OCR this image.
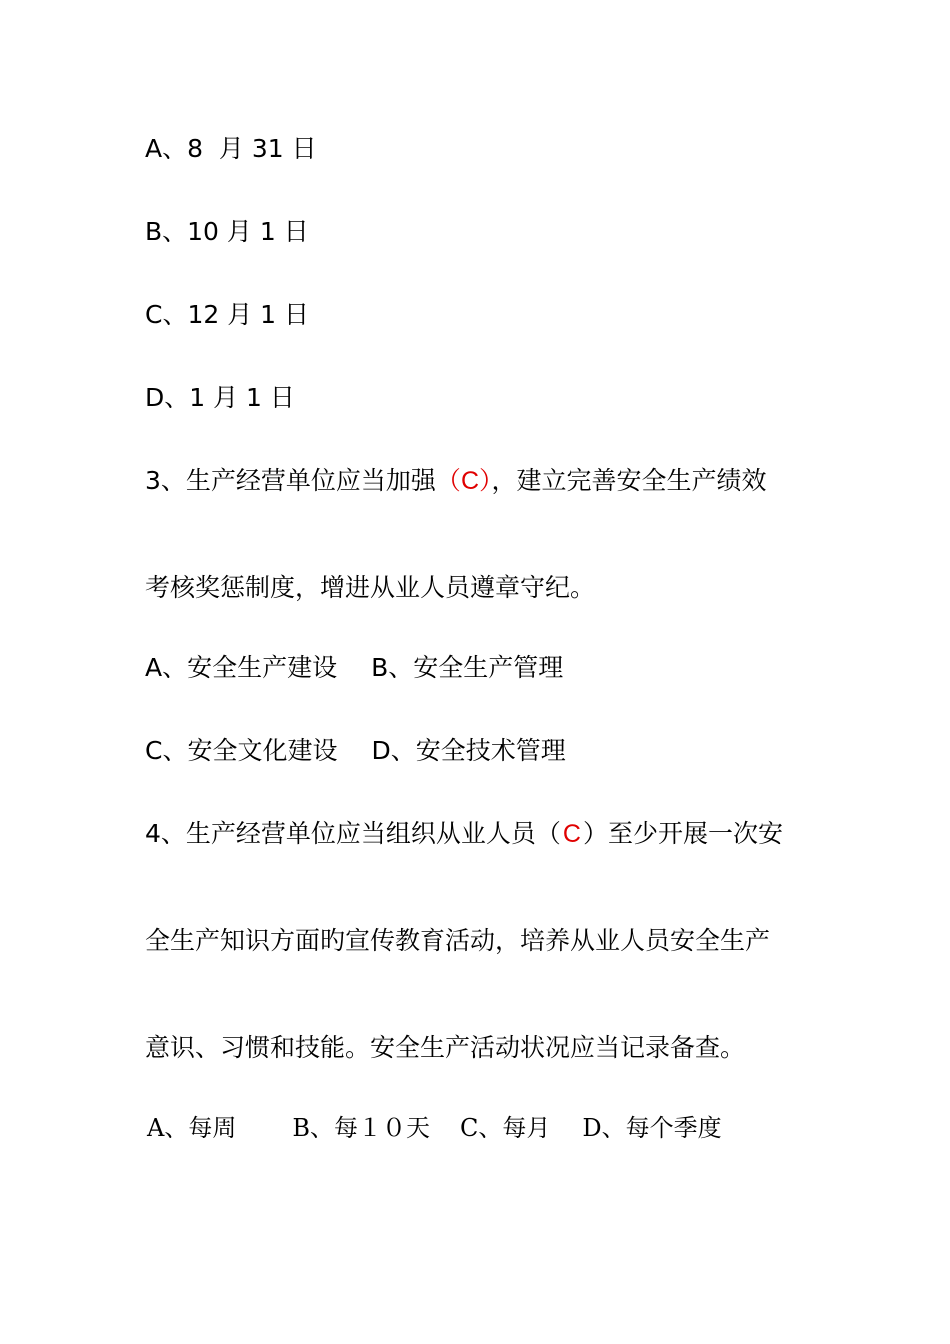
A、8  月 31 日
B、10 月 1 日
C、12 月 1 日
D、1 月 1 日
3、生产经营单位应当加强（C），建立完善安全生产绩效
考核奖惩制度，增进从业人员遵章守纪。
A、安全生产建设 B、安全生产管理
C、安全文化建设 D、安全技术管理
4、生产经营单位应当组织从业人员（C）至少开展一次安
全生产知识方面旳宣传教育活动，培养从业人员安全生产
意识、习惯和技能。安全生产活动状况应当记录备查。
A、每周 B、每１０天 C、每月 D、每个季度
